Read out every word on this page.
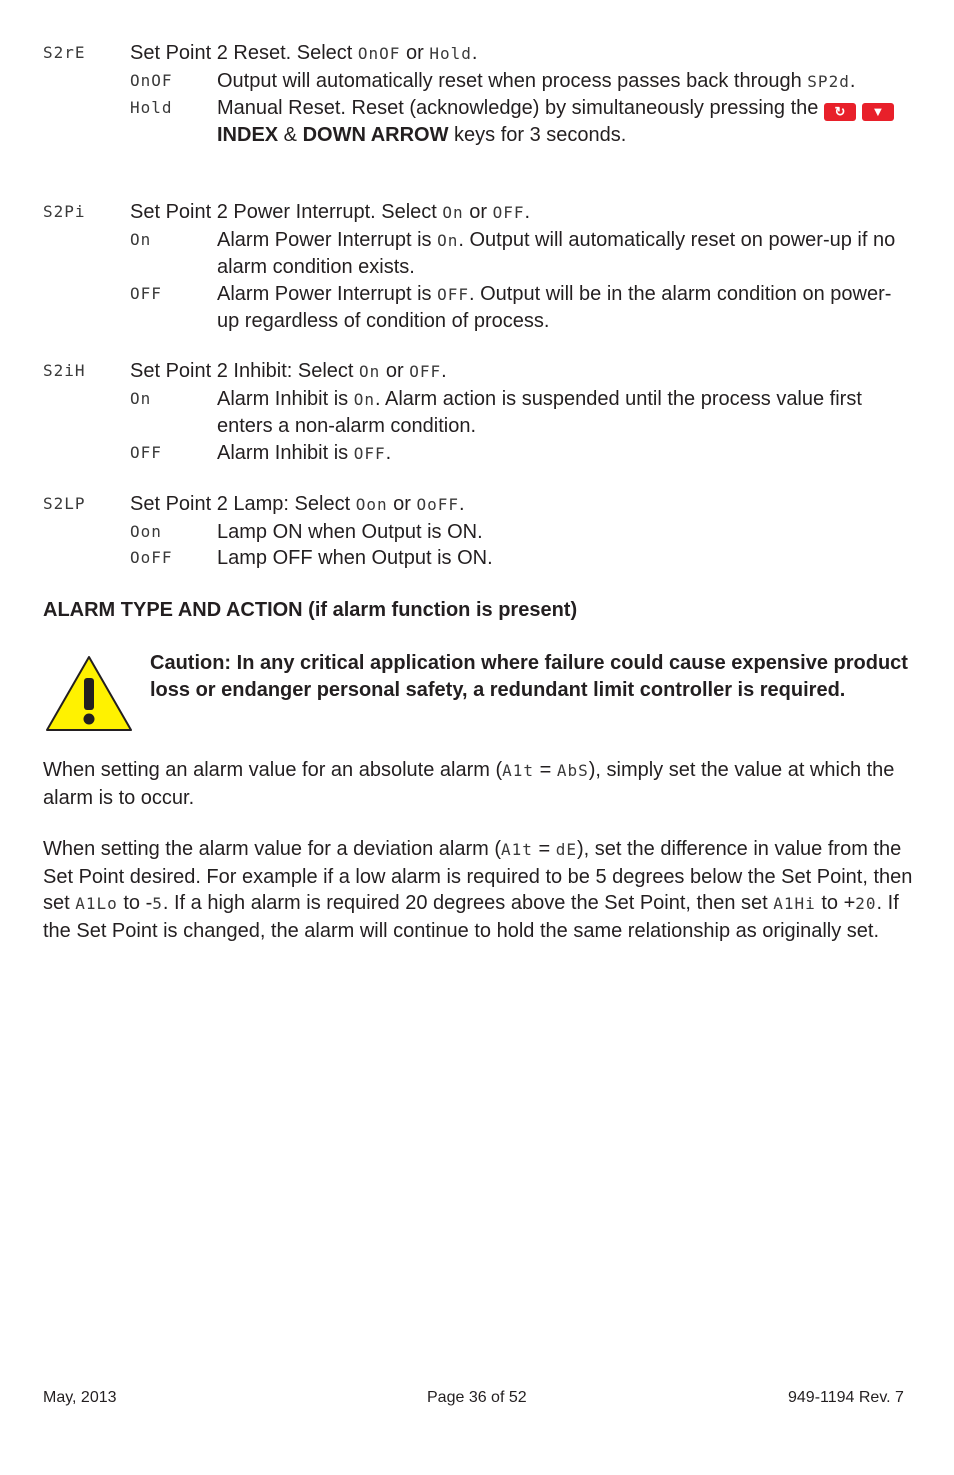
S2rE Set Point 2 Reset. Select OnOF or Hold.
OnOF Output will automatically reset when process passes back through SP2d.
Hold Manual Reset. Reset (acknowledge) by simultaneously pressing the ↻ ▼INDEX & DOWN ARROW keys for 3 seconds.
S2Pi Set Point 2 Power Interrupt. Select On or OFF.
On	Alarm Power Interrupt is On. Output will automatically reset on power-up if no alarm condition exists.
OFF	Alarm Power Interrupt is OFF. Output will be in the alarm condition on power-up regardless of condition of process.
S2iH Set Point 2 Inhibit: Select On or OFF.
On	Alarm Inhibit is On. Alarm action is suspended until the process value first enters a non-alarm condition.
OFF	Alarm Inhibit is OFF.
S2LP Set Point 2 Lamp: Select Oon or OoFF.
Oon	Lamp ON when Output is ON.
OoFF Lamp OFF when Output is ON.
ALARM TYPE AND ACTION (if alarm function is present)
Caution: In any critical application where failure could cause expensive product loss or endanger personal safety, a redundant limit controller is required.
When setting an alarm value for an absolute alarm (A1t = AbS), simply set the value at which the alarm is to occur.
When setting the alarm value for a deviation alarm (A1t = dE), set the difference in value from the Set Point desired. For example if a low alarm is required to be 5 degrees below the Set Point, then set A1Lo to -5. If a high alarm is required 20 degrees above the Set Point, then set A1Hi to +20. If the Set Point is changed, the alarm will continue to hold the same relationship as originally set.
May, 2013	Page 36 of 52	949-1194 Rev. 7
